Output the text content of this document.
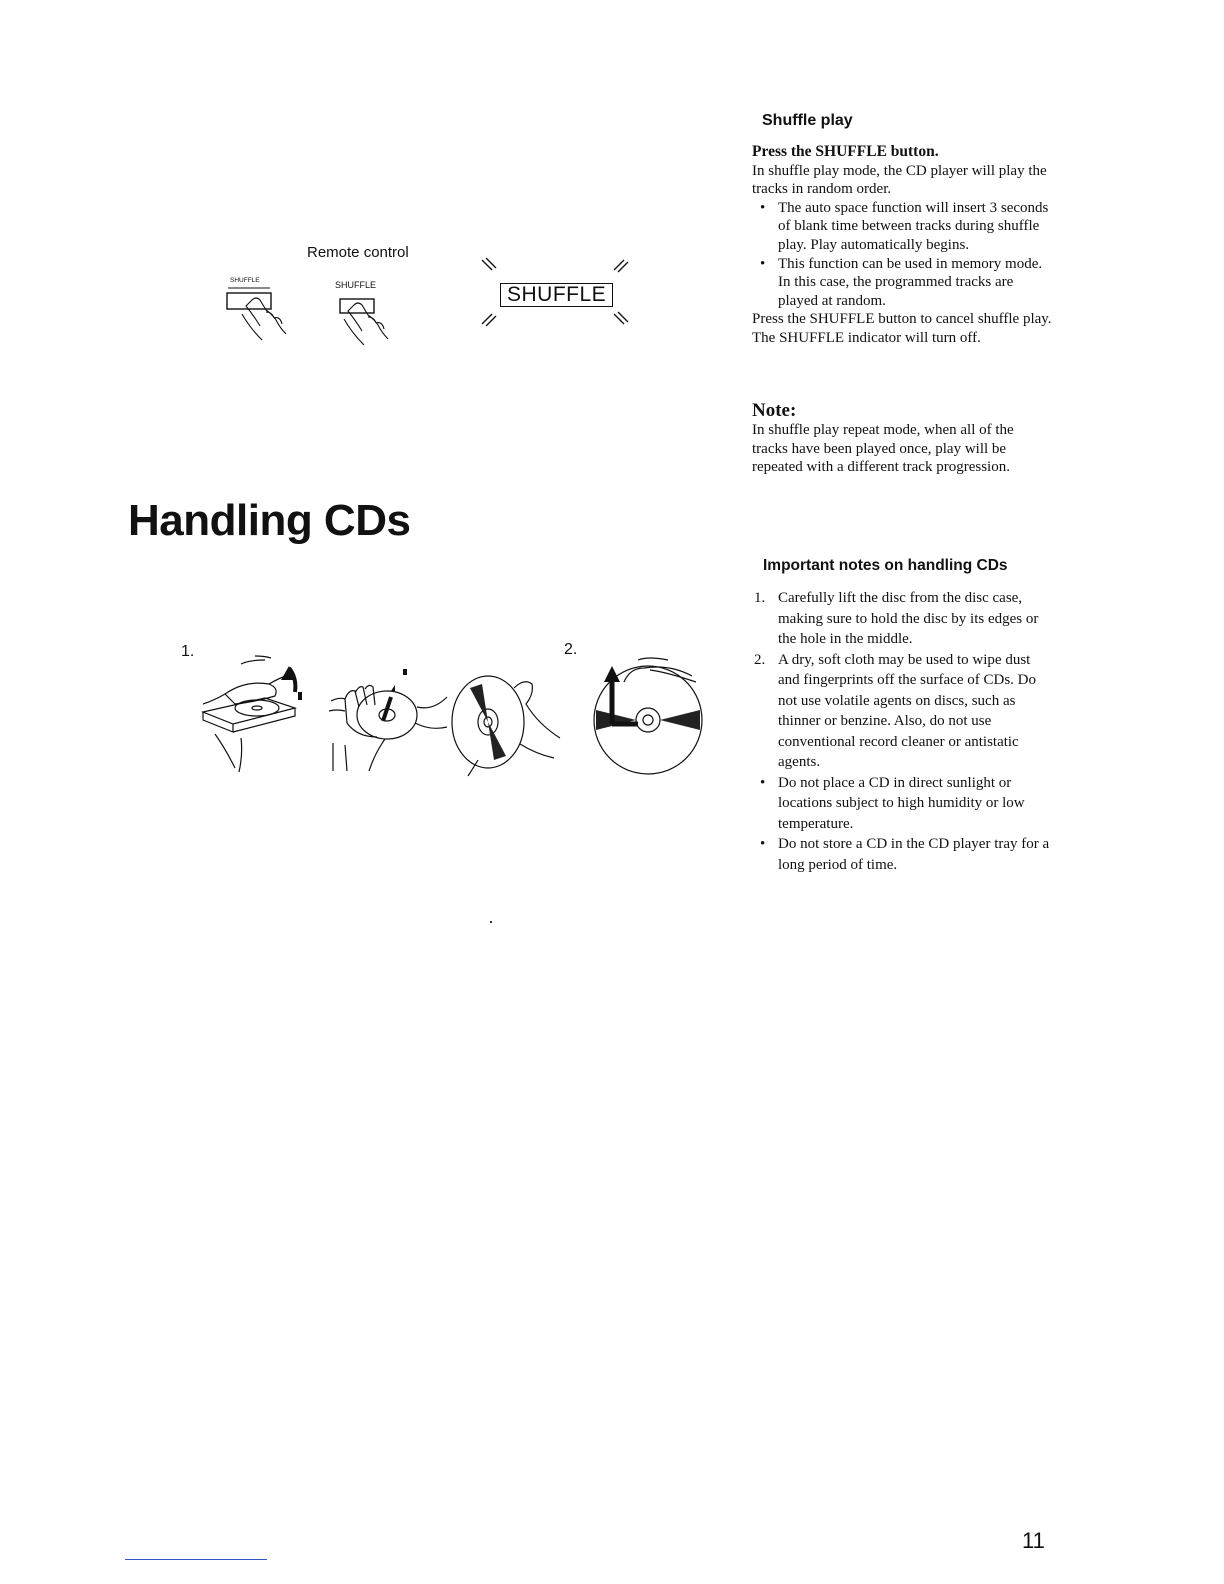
Shuffle play
Press the SHUFFLE button.
In shuffle play mode, the CD player will play the tracks in random order.
• The auto space function will insert 3 seconds of blank time between tracks during shuffle play. Play automatically begins.
• This function can be used in memory mode. In this case, the programmed tracks are played at random.
Press the SHUFFLE button to cancel shuffle play. The SHUFFLE indicator will turn off.
Note:
In shuffle play repeat mode, when all of the tracks have been played once, play will be repeated with a different track progression.
Remote control
SHUFFLE	SHUFFLE	SHUFFLE
Handling CDs
Important notes on handling CDs
1. Carefully lift the disc from the disc case, making sure to hold the disc by its edges or the hole in the middle.
2. A dry, soft cloth may be used to wipe dust and fingerprints off the surface of CDs. Do not use volatile agents on discs, such as thinner or benzine. Also, do not use conventional record cleaner or antistatic agents.
• Do not place a CD in direct sunlight or locations subject to high humidity or low temperature.
• Do not store a CD in the CD player tray for a long period of time.
1.	2.
11
